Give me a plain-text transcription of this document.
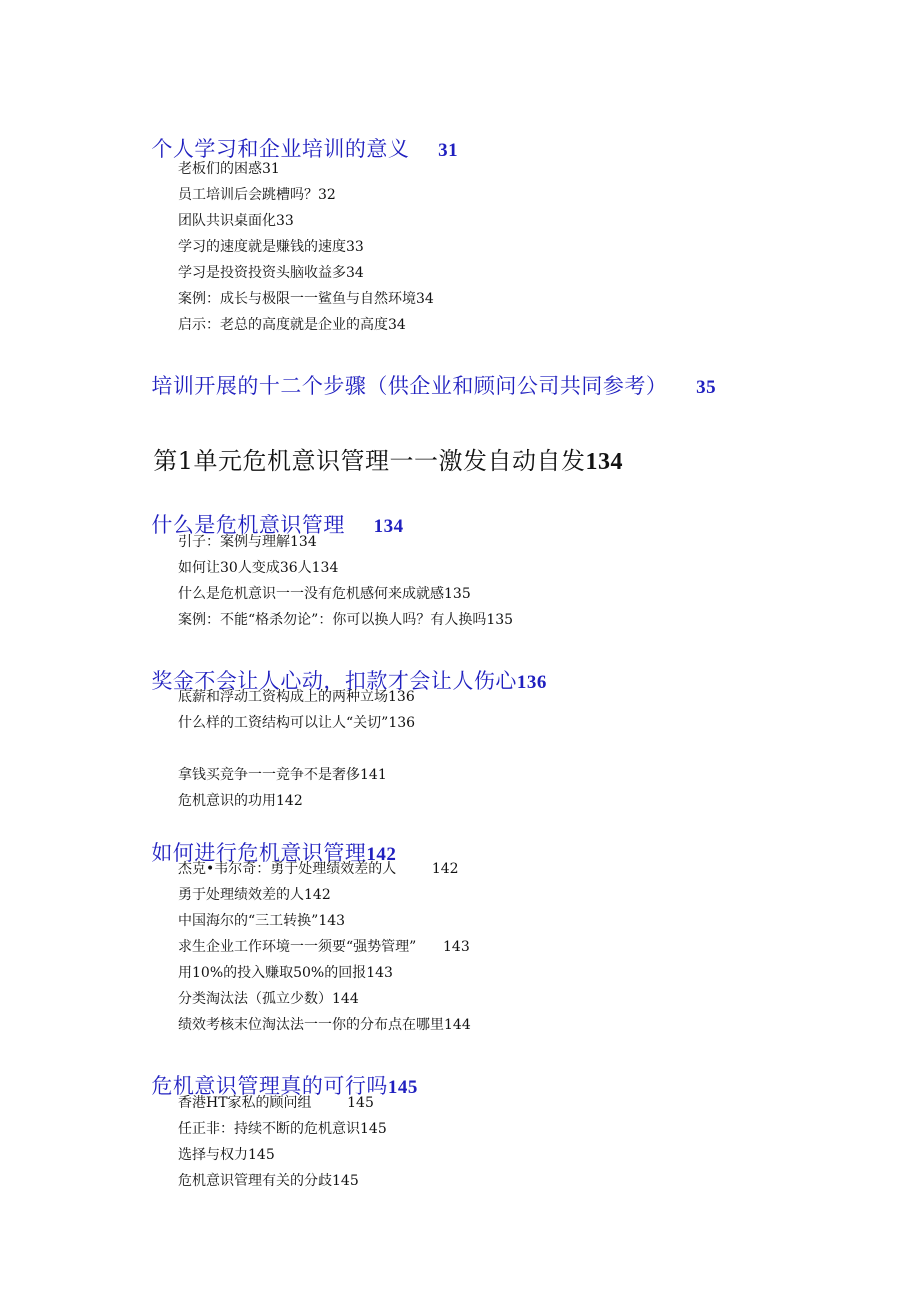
个人学习和企业培训的意义 31

老板们的困惑31
员工培训后会跳槽吗？32
团队共识桌面化33
学习的速度就是赚钱的速度33
学习是投资投资头脑收益多34
案例：成长与极限一一鲨鱼与自然环境34
启示：老总的高度就是企业的高度34

培训开展的十二个步骤（供企业和顾问公司共同参考） 35

第1单元危机意识管理一一激发自动自发134

什么是危机意识管理 134

引子：案例与理解134
如何让30人变成36人134
什么是危机意识一一没有危机感何来成就感135
案例：不能“格杀勿论”：你可以换人吗？有人换吗135

奖金不会让人心动，扣款才会让人伤心136

底薪和浮动工资构成上的两种立场136
什么样的工资结构可以让人“关切”136
拿钱买竞争一一竞争不是奢侈141
危机意识的功用142

如何进行危机意识管理142

杰克•韦尔奇：勇于处理绩效差的人        142
勇于处理绩效差的人142
中国海尔的“三工转换”143
求生企业工作环境一一须要“强势管理”      143
用10%的投入赚取50%的回报143
分类淘汰法（孤立少数）144
绩效考核末位淘汰法一一你的分布点在哪里144

危机意识管理真的可行吗145

香港HT家私的顾问组        145
任正非：持续不断的危机意识145
选择与权力145
危机意识管理有关的分歧145
